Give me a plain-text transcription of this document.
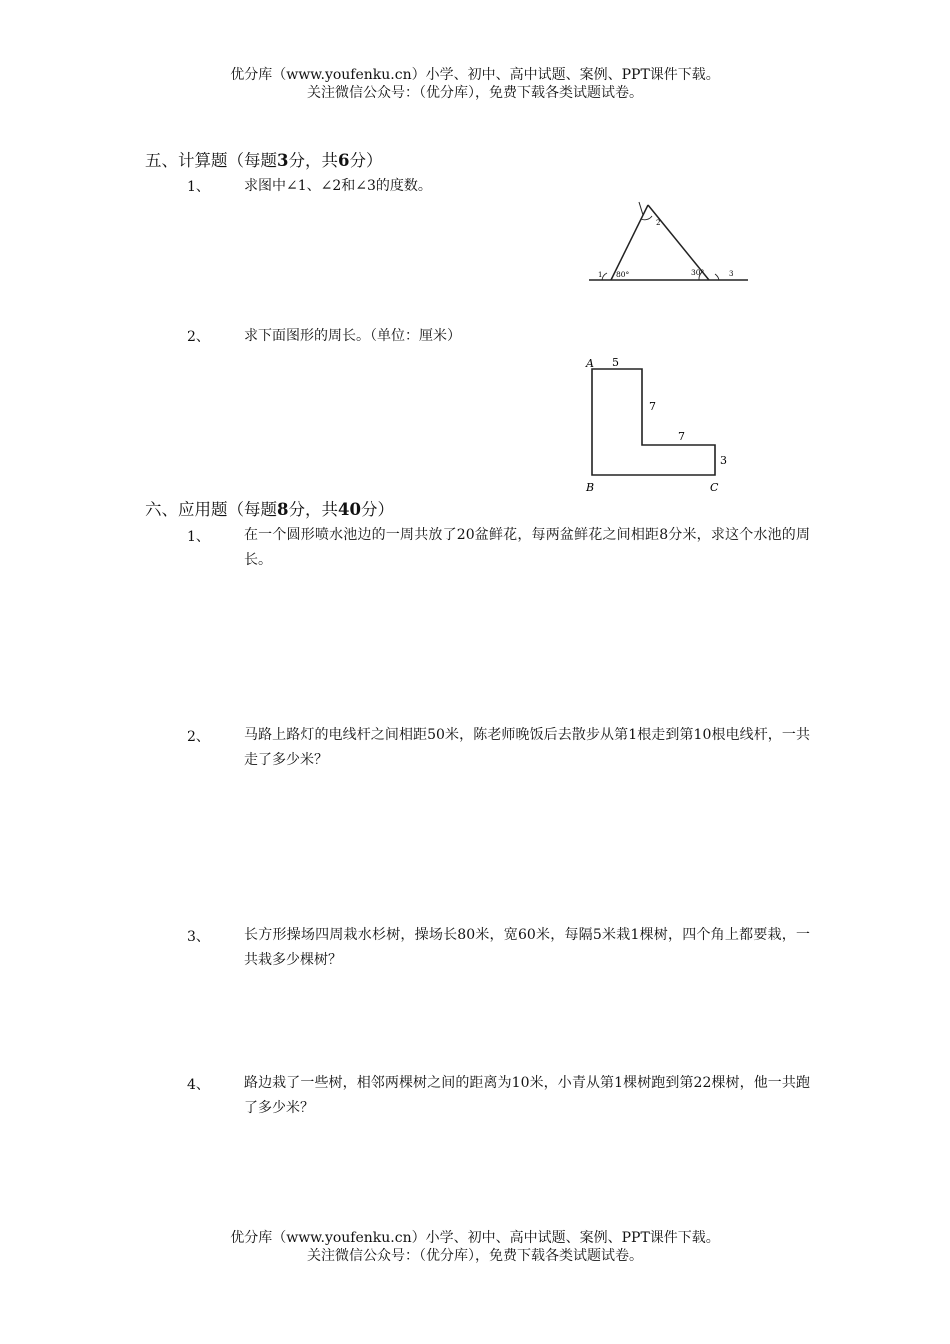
优分库（www.youfenku.cn）小学、初中、高中试题、案例、PPT课件下载。
关注微信公众号：（优分库），免费下载各类试题试卷。
五、计算题（每题3分，共6分）
1、 求图中∠1、∠2和∠3的度数。
1
2
3
80°	30°
2、 求下面图形的周长。（单位：厘米）
A
B	C
5
7
7
3
六、应用题（每题8分，共40分）
1、 在一个圆形喷水池边的一周共放了20盆鲜花，每两盆鲜花之间相距8分米，求这个水池的周长。
2、 马路上路灯的电线杆之间相距50米，陈老师晚饭后去散步从第1根走到第10根电线杆，一共走了多少米？
3、 长方形操场四周栽水杉树，操场长80米，宽60米，每隔5米栽1棵树，四个角上都要栽，一共栽多少棵树？
4、 路边栽了一些树，相邻两棵树之间的距离为10米，小青从第1棵树跑到第22棵树，他一共跑了多少米？
优分库（www.youfenku.cn）小学、初中、高中试题、案例、PPT课件下载。
关注微信公众号：（优分库），免费下载各类试题试卷。
